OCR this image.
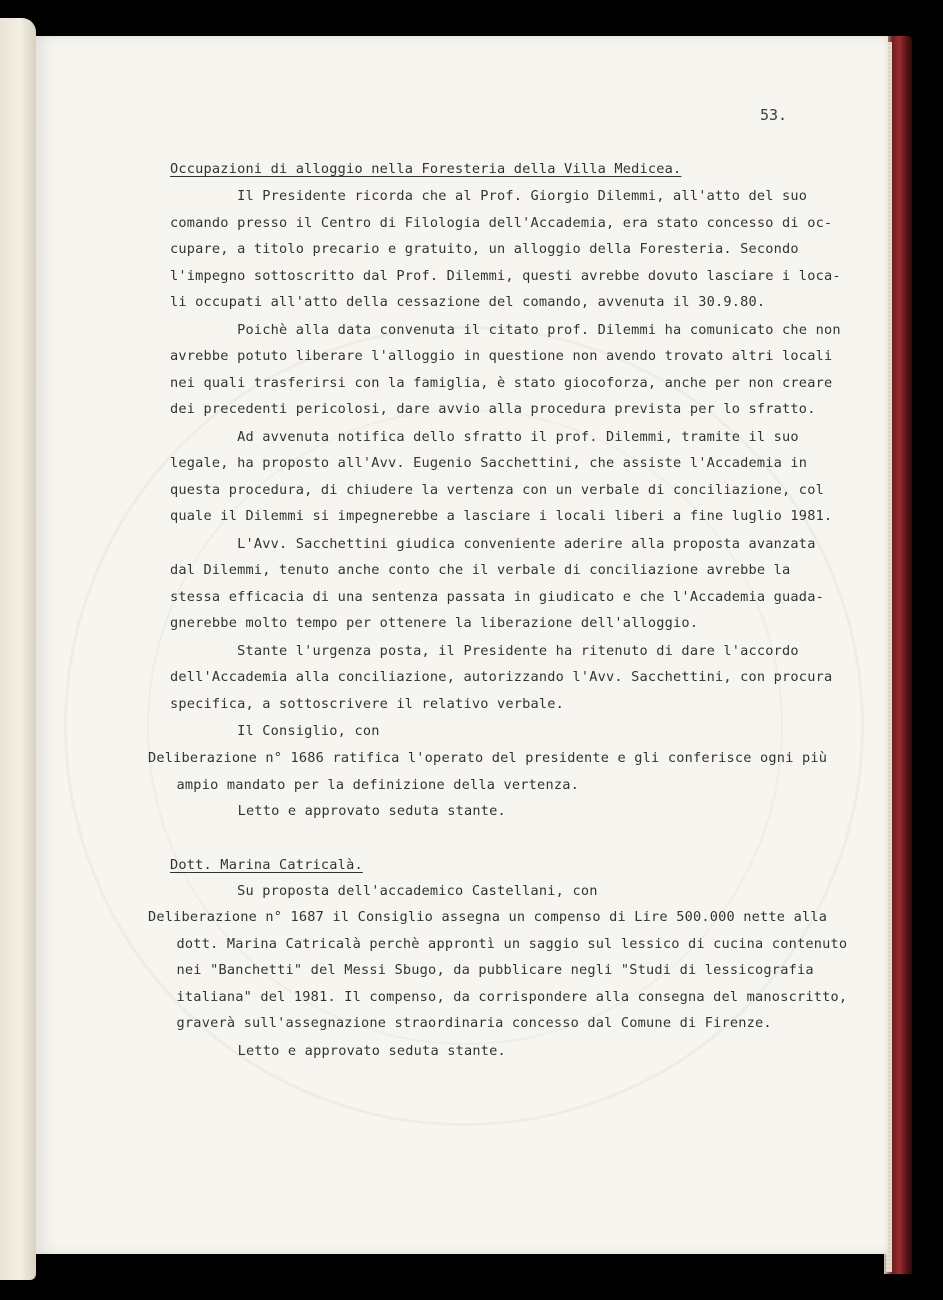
53.
Occupazioni di alloggio nella Foresteria della Villa Medicea.
Il Presidente ricorda che al Prof. Giorgio Dilemmi, all'atto del suo
comando presso il Centro di Filologia dell'Accademia, era stato concesso di oc-
cupare, a titolo precario e gratuito, un alloggio della Foresteria. Secondo
l'impegno sottoscritto dal Prof. Dilemmi, questi avrebbe dovuto lasciare i loca-
li occupati all'atto della cessazione del comando, avvenuta il 30.9.80.
Poichè alla data convenuta il citato prof. Dilemmi ha comunicato che non
avrebbe potuto liberare l'alloggio in questione non avendo trovato altri locali
nei quali trasferirsi con la famiglia, è stato giocoforza, anche per non creare
dei precedenti pericolosi, dare avvio alla procedura prevista per lo sfratto.
Ad avvenuta notifica dello sfratto il prof. Dilemmi, tramite il suo
legale, ha proposto all'Avv. Eugenio Sacchettini, che assiste l'Accademia in
questa procedura, di chiudere la vertenza con un verbale di conciliazione, col
quale il Dilemmi si impegnerebbe a lasciare i locali liberi a fine luglio 1981.
L'Avv. Sacchettini giudica conveniente aderire alla proposta avanzata
dal Dilemmi, tenuto anche conto che il verbale di conciliazione avrebbe la
stessa efficacia di una sentenza passata in giudicato e che l'Accademia guada-
gnerebbe molto tempo per ottenere la liberazione dell'alloggio.
Stante l'urgenza posta, il Presidente ha ritenuto di dare l'accordo
dell'Accademia alla conciliazione, autorizzando l'Avv. Sacchettini, con procura
specifica, a sottoscrivere il relativo verbale.
Il Consiglio, con
Deliberazione n° 1686 ratifica l'operato del presidente e gli conferisce ogni più
ampio mandato per la definizione della vertenza.
Letto e approvato seduta stante.
Dott. Marina Catricalà.
Su proposta dell'accademico Castellani, con
Deliberazione n° 1687 il Consiglio assegna un compenso di Lire 500.000 nette alla
dott. Marina Catricalà perchè approntì un saggio sul lessico di cucina contenuto
nei "Banchetti" del Messi Sbugo, da pubblicare negli "Studi di lessicografia
italiana" del 1981. Il compenso, da corrispondere alla consegna del manoscritto,
graverà sull'assegnazione straordinaria concesso dal Comune di Firenze.
Letto e approvato seduta stante.
